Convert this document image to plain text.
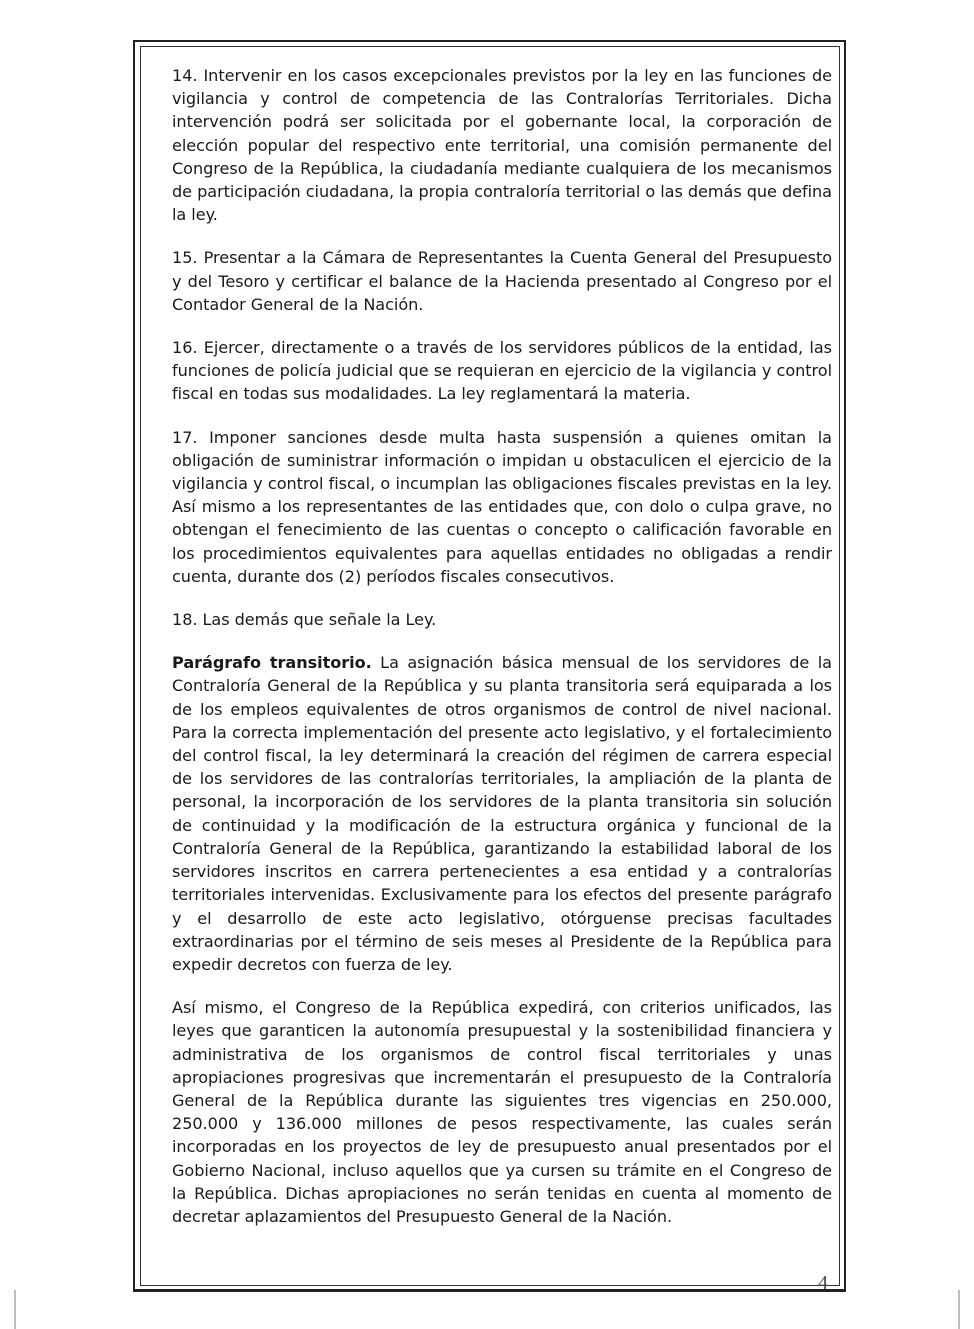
14. Intervenir en los casos excepcionales previstos por la ley en las funciones de vigilancia y control de competencia de las Contralorías Territoriales. Dicha intervención podrá ser solicitada por el gobernante local, la corporación de elección popular del respectivo ente territorial, una comisión permanente del Congreso de la República, la ciudadanía mediante cualquiera de los mecanismos de participación ciudadana, la propia contraloría territorial o las demás que defina la ley.

15. Presentar a la Cámara de Representantes la Cuenta General del Presupuesto y del Tesoro y certificar el balance de la Hacienda presentado al Congreso por el Contador General de la Nación.

16. Ejercer, directamente o a través de los servidores públicos de la entidad, las funciones de policía judicial que se requieran en ejercicio de la vigilancia y control fiscal en todas sus modalidades. La ley reglamentará la materia.

17. Imponer sanciones desde multa hasta suspensión a quienes omitan la obligación de suministrar información o impidan u obstaculicen el ejercicio de la vigilancia y control fiscal, o incumplan las obligaciones fiscales previstas en la ley. Así mismo a los representantes de las entidades que, con dolo o culpa grave, no obtengan el fenecimiento de las cuentas o concepto o calificación favorable en los procedimientos equivalentes para aquellas entidades no obligadas a rendir cuenta, durante dos (2) períodos fiscales consecutivos.

18. Las demás que señale la Ley.

Parágrafo transitorio. La asignación básica mensual de los servidores de la Contraloría General de la República y su planta transitoria será equiparada a los de los empleos equivalentes de otros organismos de control de nivel nacional. Para la correcta implementación del presente acto legislativo, y el fortalecimiento del control fiscal, la ley determinará la creación del régimen de carrera especial de los servidores de las contralorías territoriales, la ampliación de la planta de personal, la incorporación de los servidores de la planta transitoria sin solución de continuidad y la modificación de la estructura orgánica y funcional de la Contraloría General de la República, garantizando la estabilidad laboral de los servidores inscritos en carrera pertenecientes a esa entidad y a contralorías territoriales intervenidas. Exclusivamente para los efectos del presente parágrafo y el desarrollo de este acto legislativo, otórguense precisas facultades extraordinarias por el término de seis meses al Presidente de la República para expedir decretos con fuerza de ley.

Así mismo, el Congreso de la República expedirá, con criterios unificados, las leyes que garanticen la autonomía presupuestal y la sostenibilidad financiera y administrativa de los organismos de control fiscal territoriales y unas apropiaciones progresivas que incrementarán el presupuesto de la Contraloría General de la República durante las siguientes tres vigencias en 250.000, 250.000 y 136.000 millones de pesos respectivamente, las cuales serán incorporadas en los proyectos de ley de presupuesto anual presentados por el Gobierno Nacional, incluso aquellos que ya cursen su trámite en el Congreso de la República. Dichas apropiaciones no serán tenidas en cuenta al momento de decretar aplazamientos del Presupuesto General de la Nación.

4
